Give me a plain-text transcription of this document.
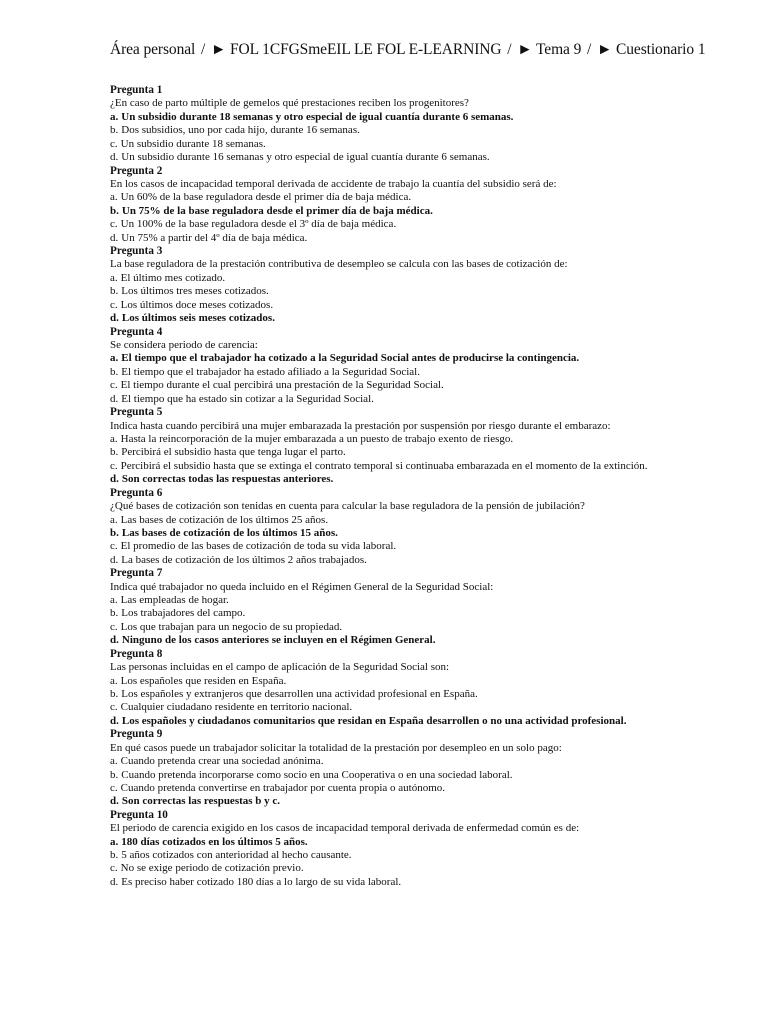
Área personal / ► FOL 1CFGSmeEIL LE FOL E-LEARNING / ► Tema 9 / ► Cuestionario 1
Pregunta 1
¿En caso de parto múltiple de gemelos qué prestaciones reciben los progenitores?
a. Un subsidio durante 18 semanas y otro especial de igual cuantía durante 6 semanas.
b. Dos subsidios, uno por cada hijo, durante 16 semanas.
c. Un subsidio durante 18 semanas.
d. Un subsidio durante 16 semanas y otro especial de igual cuantía durante 6 semanas.
Pregunta 2
En los casos de incapacidad temporal derivada de accidente de trabajo la cuantía del subsidio será de:
a. Un 60% de la base reguladora desde el primer día de baja médica.
b. Un 75% de la base reguladora desde el primer día de baja médica.
c. Un 100% de la base reguladora desde el 3º día de baja médica.
d. Un 75% a partir del 4º día de baja médica.
Pregunta 3
La base reguladora de la prestación contributiva de desempleo se calcula con las bases de cotización de:
a. El último mes cotizado.
b. Los últimos tres meses cotizados.
c. Los últimos doce meses cotizados.
d. Los últimos seis meses cotizados.
Pregunta 4
Se considera periodo de carencia:
a. El tiempo que el trabajador ha cotizado a la Seguridad Social antes de producirse la contingencia.
b. El tiempo que el trabajador ha estado afiliado a la Seguridad Social.
c. El tiempo durante el cual percibirá una prestación de la Seguridad Social.
d. El tiempo que ha estado sin cotizar a la Seguridad Social.
Pregunta 5
Indica hasta cuando percibirá una mujer embarazada la prestación por suspensión por riesgo durante el embarazo:
a. Hasta la reincorporación de la mujer embarazada a un puesto de trabajo exento de riesgo.
b. Percibirá el subsidio hasta que tenga lugar el parto.
c. Percibirá el subsidio hasta que se extinga el contrato temporal si continuaba embarazada en el momento de la extinción.
d. Son correctas todas las respuestas anteriores.
Pregunta 6
¿Qué bases de cotización son tenidas en cuenta para calcular la base reguladora de la pensión de jubilación?
a. Las bases de cotización de los últimos 25 años.
b. Las bases de cotización de los últimos 15 años.
c. El promedio de las bases de cotización de toda su vida laboral.
d. La bases de cotización de los últimos 2 años trabajados.
Pregunta 7
Indica qué trabajador no queda incluido en el Régimen General de la Seguridad Social:
a. Las empleadas de hogar.
b. Los trabajadores del campo.
c. Los que trabajan para un negocio de su propiedad.
d. Ninguno de los casos anteriores se incluyen en el Régimen General.
Pregunta 8
Las personas incluidas en el campo de aplicación de la Seguridad Social son:
a. Los españoles que residen en España.
b. Los españoles y extranjeros que desarrollen una actividad profesional en España.
c. Cualquier ciudadano residente en territorio nacional.
d. Los españoles y ciudadanos comunitarios que residan en España desarrollen o no una actividad profesional.
Pregunta 9
En qué casos puede un trabajador solicitar la totalidad de la prestación por desempleo en un solo pago:
a. Cuando pretenda crear una sociedad anónima.
b. Cuando pretenda incorporarse como socio en una Cooperativa o en una sociedad laboral.
c. Cuando pretenda convertirse en trabajador por cuenta propia o autónomo.
d. Son correctas las respuestas b y c.
Pregunta 10
El periodo de carencia exigido en los casos de incapacidad temporal derivada de enfermedad común es de:
a. 180 días cotizados en los últimos 5 años.
b. 5 años cotizados con anterioridad al hecho causante.
c. No se exige periodo de cotización previo.
d. Es preciso haber cotizado 180 días a lo largo de su vida laboral.
